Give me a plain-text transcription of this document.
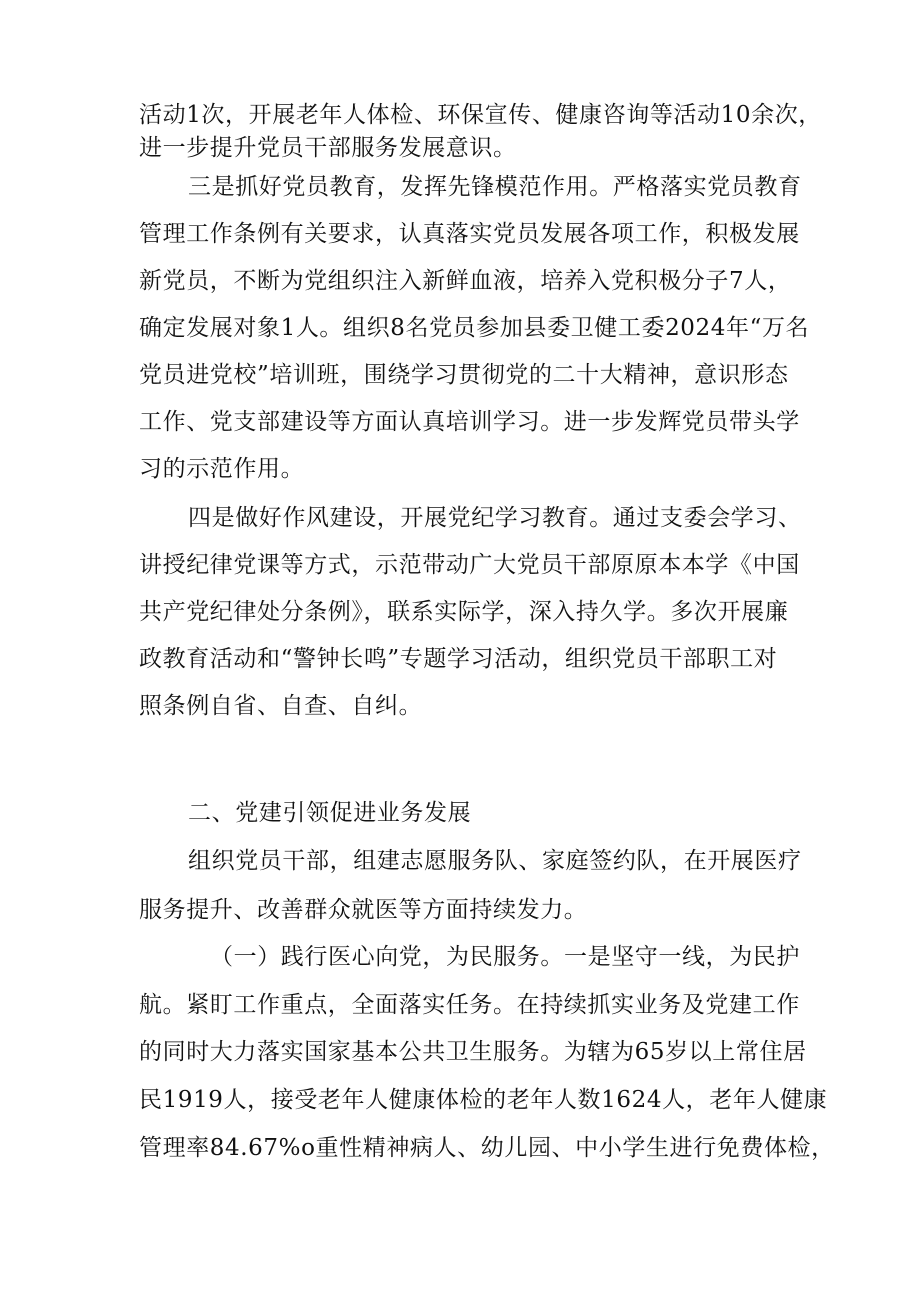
活动1次，开展老年人体检、环保宣传、健康咨询等活动10余次，
进一步提升党员干部服务发展意识。
三是抓好党员教育，发挥先锋模范作用。严格落实党员教育
管理工作条例有关要求，认真落实党员发展各项工作，积极发展
新党员，不断为党组织注入新鲜血液，培养入党积极分子7人，
确定发展对象1人。组织8名党员参加县委卫健工委2024年“万名
党员进党校”培训班，围绕学习贯彻党的二十大精神，意识形态
工作、党支部建设等方面认真培训学习。进一步发辉党员带头学
习的示范作用。
四是做好作风建设，开展党纪学习教育。通过支委会学习、
讲授纪律党课等方式，示范带动广大党员干部原原本本学《中国
共产党纪律处分条例》，联系实际学，深入持久学。多次开展廉
政教育活动和“警钟长鸣”专题学习活动，组织党员干部职工对
照条例自省、自查、自纠。
二、党建引领促进业务发展
组织党员干部，组建志愿服务队、家庭签约队，在开展医疗
服务提升、改善群众就医等方面持续发力。
（一）践行医心向党，为民服务。一是坚守一线，为民护
航。紧盯工作重点，全面落实任务。在持续抓实业务及党建工作
的同时大力落实国家基本公共卫生服务。为辖为65岁以上常住居
民1919人，接受老年人健康体检的老年人数1624人，老年人健康
管理率84.67%o重性精神病人、幼儿园、中小学生进行免费体检，
